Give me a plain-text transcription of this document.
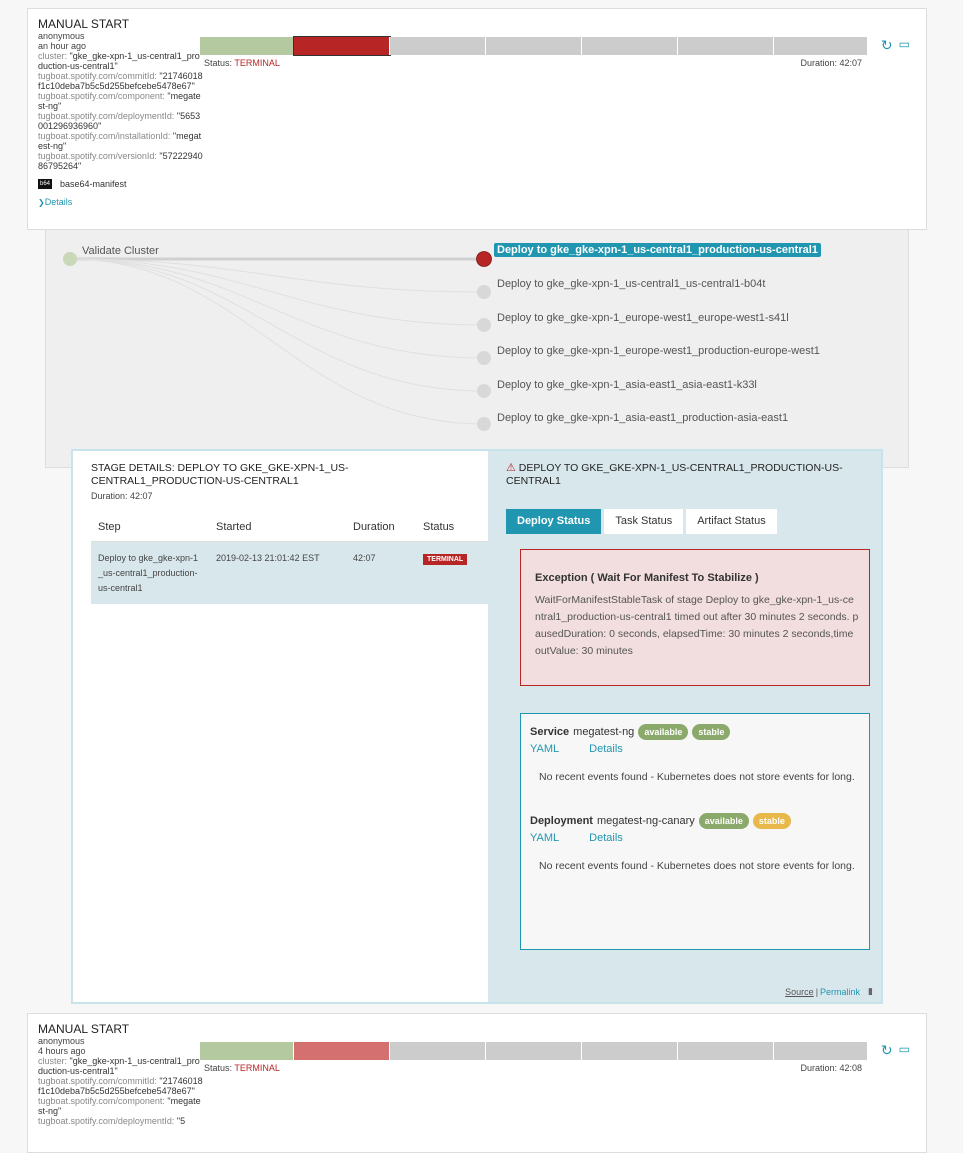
MANUAL START
anonymous
an hour ago
cluster: "gke_gke-xpn-1_us-central1_production-us-central1"
tugboat.spotify.com/commitId: "21746018f1c10deba7b5c5d255befcebe5478e67"
tugboat.spotify.com/component: "megatest-ng"
tugboat.spotify.com/deploymentId: "5653001296936960"
tugboat.spotify.com/installationId: "megatest-ng"
tugboat.spotify.com/versionId: "5722294086795264"
b64 base64-manifest
❯Details
Status: TERMINAL	Duration: 42:07
↻ ▭
Validate Cluster	Deploy to gke_gke-xpn-1_us-central1_production-us-central1
Deploy to gke_gke-xpn-1_us-central1_us-central1-b04t
Deploy to gke_gke-xpn-1_europe-west1_europe-west1-s41l
Deploy to gke_gke-xpn-1_europe-west1_production-europe-west1
Deploy to gke_gke-xpn-1_asia-east1_asia-east1-k33l
Deploy to gke_gke-xpn-1_asia-east1_production-asia-east1
STAGE DETAILS: DEPLOY TO GKE_GKE-XPN-1_US-CENTRAL1_PRODUCTION-US-CENTRAL1
Duration: 42:07
Step	Started	Duration	Status
Deploy to gke_gke-xpn-1_us-central1_production-us-central1	2019-02-13 21:01:42 EST	42:07	TERMINAL
⚠ DEPLOY TO GKE_GKE-XPN-1_US-CENTRAL1_PRODUCTION-US-CENTRAL1
Deploy Status	Task Status	Artifact Status
Exception ( Wait For Manifest To Stabilize )
WaitForManifestStableTask of stage Deploy to gke_gke-xpn-1_us-central1_production-us-central1 timed out after 30 minutes 2 seconds. pausedDuration: 0 seconds, elapsedTime: 30 minutes 2 seconds,timeoutValue: 30 minutes
Service megatest-ng	available	stable
YAML	Details
No recent events found - Kubernetes does not store events for long.
Deployment megatest-ng-canary	available	stable
YAML	Details
No recent events found - Kubernetes does not store events for long.
Source | Permalink ▮
MANUAL START
anonymous
4 hours ago
cluster: "gke_gke-xpn-1_us-central1_production-us-central1"
tugboat.spotify.com/commitId: "21746018f1c10deba7b5c5d255befcebe5478e67"
tugboat.spotify.com/component: "megatest-ng"
tugboat.spotify.com/deploymentId: "5
Status: TERMINAL	Duration: 42:08
↻ ▭
